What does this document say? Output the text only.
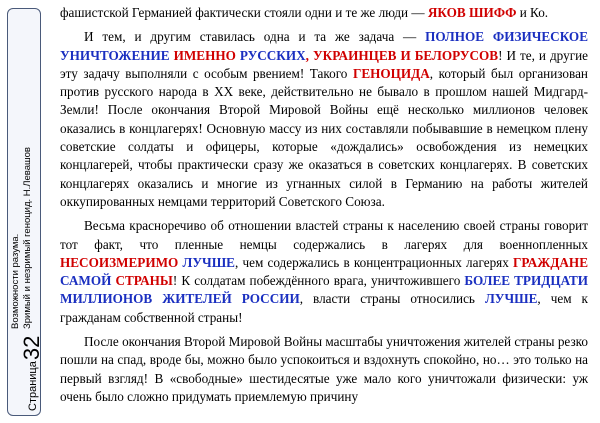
Страница32
Возможности разума. Зримый и незримый геноцид. Н.Левашов

фашистской Германией фактически стояли одни и те же люди — ЯКОВ ШИФФ и Ко.

И тем, и другим ставилась одна и та же задача — ПОЛНОЕ ФИЗИЧЕСКОЕ УНИЧТОЖЕНИЕ ИМЕННО РУССКИХ, УКРАИНЦЕВ И БЕЛОРУСОВ! И те, и другие эту задачу выполняли с особым рвением! Такого ГЕНОЦИДА, который был организован против русского народа в XX веке, действительно не бывало в прошлом нашей Мидгард-Земли! После окончания Второй Мировой Войны ещё несколько миллионов человек оказались в концлагерях! Основную массу из них составляли побывавшие в немецком плену советские солдаты и офицеры, которые «дождались» освобождения из немецких концлагерей, чтобы практически сразу же оказаться в советских концлагерях. В советских концлагерях оказались и многие из угнанных силой в Германию на работы жителей оккупированных немцами территорий Советского Союза.

Весьма красноречиво об отношении властей страны к населению своей страны говорит тот факт, что пленные немцы содержались в лагерях для военнопленных НЕСОИЗМЕРИМО ЛУЧШЕ, чем содержались в концентрационных лагерях ГРАЖДАНЕ САМОЙ СТРАНЫ! К солдатам побеждённого врага, уничтожившего БОЛЕЕ ТРИДЦАТИ МИЛЛИОНОВ ЖИТЕЛЕЙ РОССИИ, власти страны относились ЛУЧШЕ, чем к гражданам собственной страны!

После окончания Второй Мировой Войны масштабы уничтожения жителей страны резко пошли на спад, вроде бы, можно было успокоиться и вздохнуть спокойно, но… это только на первый взгляд! В «свободные» шестидесятые уже мало кого уничтожали физически: уж очень было сложно придумать приемлемую причину
